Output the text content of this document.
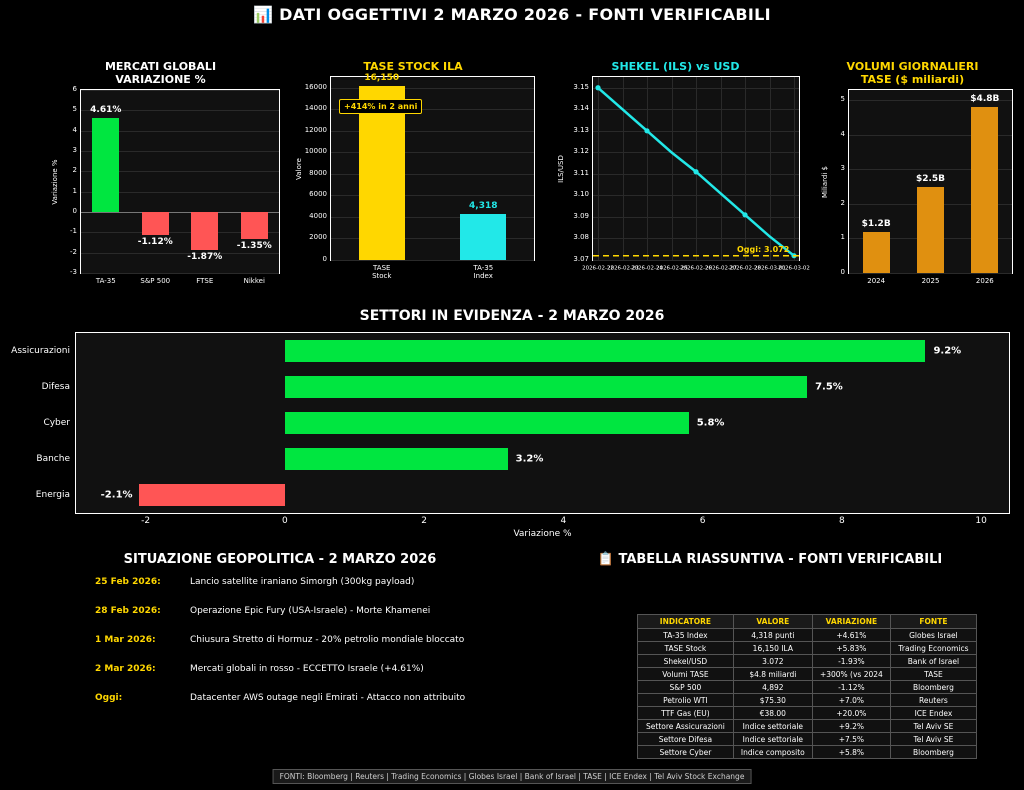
📊 DATI OGGETTIVI 2 MARZO 2026 - FONTI VERIFICABILI
MERCATI GLOBALI
VARIAZIONE %
-3
-2
-1
0
1
2
3
4
5
6
4.61%
TA-35
-1.12%
S&P 500
-1.87%
FTSE
-1.35%
Nikkei
Variazione %
TASE STOCK ILA
0
2000
4000
6000
8000
10000
12000
14000
16000
16,150
TASE
Stock
4,318
TA-35
Index
Valore
+414% in 2 anni
SHEKEL (ILS) vs USD
3.07
3.08
3.09
3.10
3.11
3.12
3.13
3.14
3.15
Oggi: 3.072
2026-02-22
2026-02-23
2026-02-24
2026-02-25
2026-02-26
2026-02-27
2026-02-28
2026-03-01
2026-03-02
ILS/USD
VOLUMI GIORNALIERI
TASE ($ miliardi)
0
1
2
3
4
5
$1.2B
2024
$2.5B
2025
$4.8B
2026
Miliardi $
SETTORI IN EVIDENZA - 2 MARZO 2026
Assicurazioni	9.2%
Difesa	7.5%
Cyber	5.8%
Banche	3.2%
Energia	-2.1%
-2	0	2	4	6	8	10
Variazione %
SITUAZIONE GEOPOLITICA - 2 MARZO 2026
25 Feb 2026:	Lancio satellite iraniano Simorgh (300kg payload)
28 Feb 2026:	Operazione Epic Fury (USA-Israele) - Morte Khamenei
1 Mar 2026:	Chiusura Stretto di Hormuz - 20% petrolio mondiale bloccato
2 Mar 2026:	Mercati globali in rosso - ECCETTO Israele (+4.61%)
Oggi:	Datacenter AWS outage negli Emirati - Attacco non attribuito
📋 TABELLA RIASSUNTIVA - FONTI VERIFICABILI
INDICATORE	VALORE	VARIAZIONE	FONTE
TA-35 Index	4,318 punti	+4.61%	Globes Israel
TASE Stock	16,150 ILA	+5.83%	Trading Economics
Shekel/USD	3.072	-1.93%	Bank of Israel
Volumi TASE	$4.8 miliardi	+300% (vs 2024	TASE
S&P 500	4,892	-1.12%	Bloomberg
Petrolio WTI	$75.30	+7.0%	Reuters
TTF Gas (EU)	€38.00	+20.0%	ICE Endex
Settore Assicurazioni	Indice settoriale	+9.2%	Tel Aviv SE
Settore Difesa	Indice settoriale	+7.5%	Tel Aviv SE
Settore Cyber	Indice composito	+5.8%	Bloomberg
FONTI: Bloomberg | Reuters | Trading Economics | Globes Israel | Bank of Israel | TASE | ICE Endex | Tel Aviv Stock Exchange
